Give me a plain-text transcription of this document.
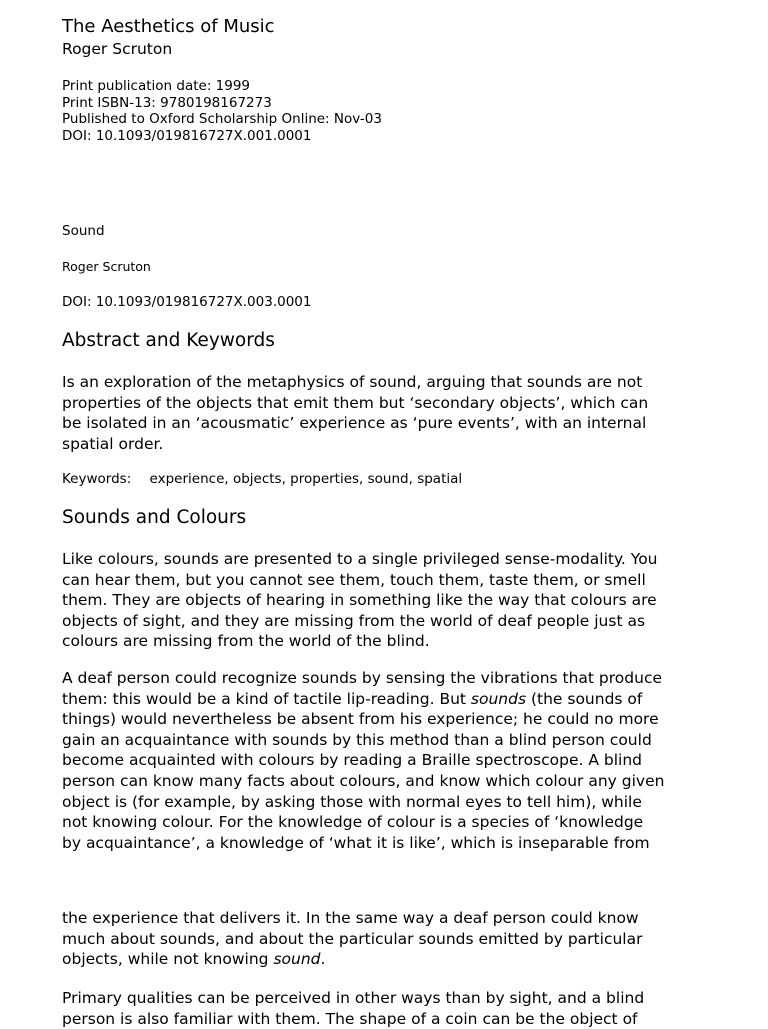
The Aesthetics of Music
Roger Scruton
Print publication date: 1999
Print ISBN-13: 9780198167273
Published to Oxford Scholarship Online: Nov-03
DOI: 10.1093/019816727X.001.0001
Sound
Roger Scruton
DOI: 10.1093/019816727X.003.0001
Abstract and Keywords

Is an exploration of the metaphysics of sound, arguing that sounds are not
properties of the objects that emit them but ‘secondary objects’, which can
be isolated in an ‘acousmatic’ experience as ‘pure events’, with an internal
spatial order.

Keywords: experience, objects, properties, sound, spatial
Sounds and Colours

Like colours, sounds are presented to a single privileged sense-modality. You
can hear them, but you cannot see them, touch them, taste them, or smell
them. They are objects of hearing in something like the way that colours are
objects of sight, and they are missing from the world of deaf people just as
colours are missing from the world of the blind.

A deaf person could recognize sounds by sensing the vibrations that produce
them: this would be a kind of tactile lip-reading. But sounds (the sounds of
things) would nevertheless be absent from his experience; he could no more
gain an acquaintance with sounds by this method than a blind person could
become acquainted with colours by reading a Braille spectroscope. A blind
person can know many facts about colours, and know which colour any given
object is (for example, by asking those with normal eyes to tell him), while
not knowing colour. For the knowledge of colour is a species of ‘knowledge
by acquaintance’, a knowledge of ‘what it is like’, which is inseparable from

the experience that delivers it. In the same way a deaf person could know
much about sounds, and about the particular sounds emitted by particular
objects, while not knowing sound.

Primary qualities can be perceived in other ways than by sight, and a blind
person is also familiar with them. The shape of a coin can be the object of
